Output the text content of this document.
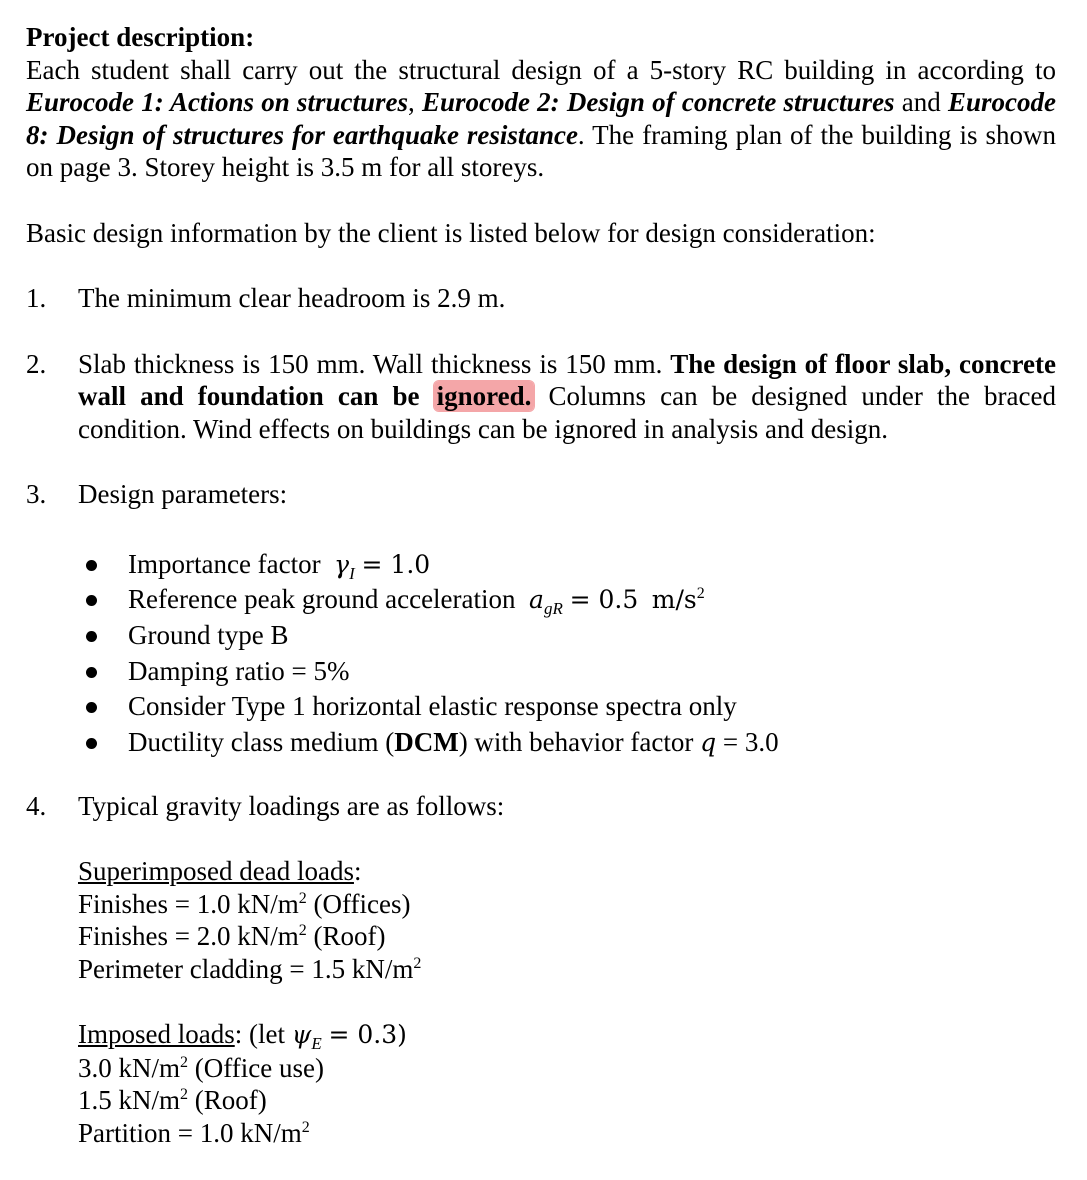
Project description:
Each student shall carry out the structural design of a 5-story RC building in according to Eurocode 1: Actions on structures, Eurocode 2: Design of concrete structures and Eurocode 8: Design of structures for earthquake resistance. The framing plan of the building is shown on page 3. Storey height is 3.5 m for all storeys.
Basic design information by the client is listed below for design consideration:
1.	The minimum clear headroom is 2.9 m.
2.	Slab thickness is 150 mm. Wall thickness is 150 mm. The design of floor slab, concrete wall and foundation can be ignored. Columns can be designed under the braced condition. Wind effects on buildings can be ignored in analysis and design.
3.	Design parameters:
Importance factor $\gamma_I = 1.0$
Reference peak ground acceleration $a_{gR} = 0.5$ $m/s^2$
Ground type B
Damping ratio = 5%
Consider Type 1 horizontal elastic response spectra only
Ductility class medium (DCM) with behavior factor q = 3.0
4.	Typical gravity loadings are as follows:
Superimposed dead loads:
Finishes = 1.0 $kN/m^2$ (Offices)
Finishes = 2.0 $kN/m^2$ (Roof)
Perimeter cladding = 1.5 $kN/m^2$
Imposed loads: (let $\psi_E = 0.3$)
3.0 $kN/m^2$ (Office use)
1.5 $kN/m^2$ (Roof)
Partition = 1.0 $kN/m^2$
